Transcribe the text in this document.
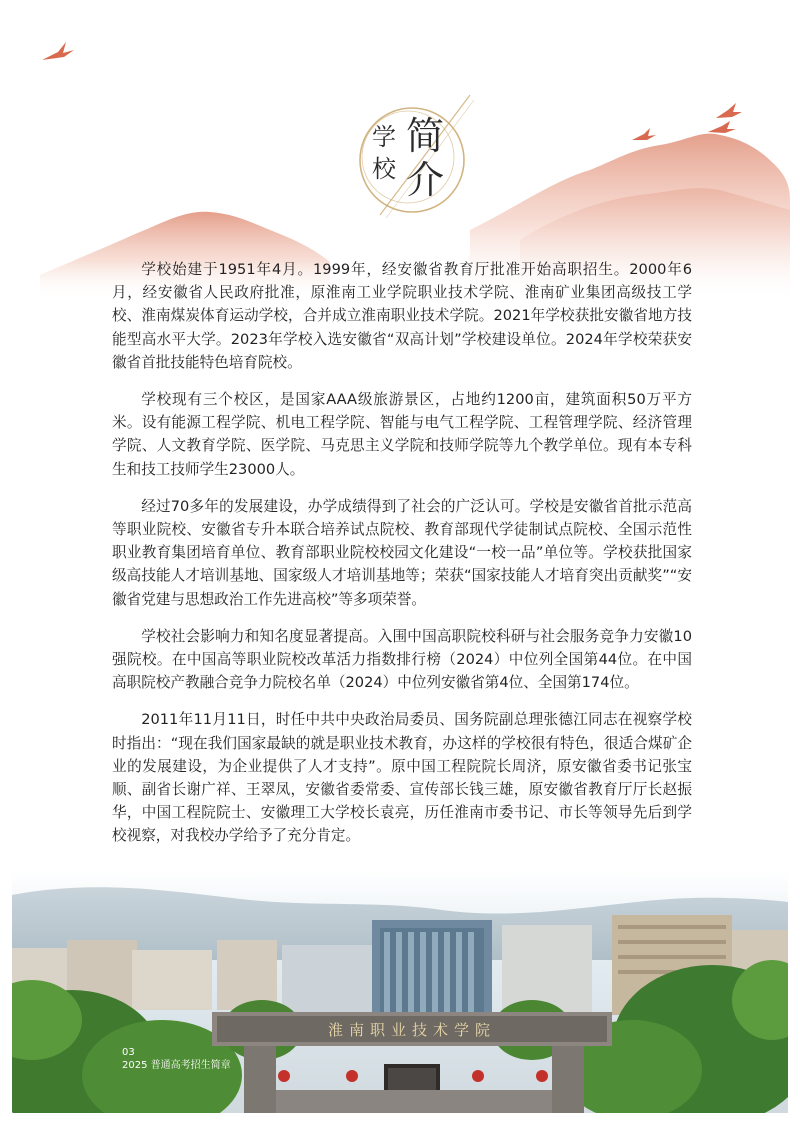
学
校
简
介

学校始建于1951年4月。1999年，经安徽省教育厅批准开始高职招生。2000年6月，经安徽省人民政府批准，原淮南工业学院职业技术学院、淮南矿业集团高级技工学校、淮南煤炭体育运动学校，合并成立淮南职业技术学院。2021年学校获批安徽省地方技能型高水平大学。2023年学校入选安徽省“双高计划”学校建设单位。2024年学校荣获安徽省首批技能特色培育院校。

学校现有三个校区，是国家AAA级旅游景区，占地约1200亩，建筑面积50万平方米。设有能源工程学院、机电工程学院、智能与电气工程学院、工程管理学院、经济管理学院、人文教育学院、医学院、马克思主义学院和技师学院等九个教学单位。现有本专科生和技工技师学生23000人。

经过70多年的发展建设，办学成绩得到了社会的广泛认可。学校是安徽省首批示范高等职业院校、安徽省专升本联合培养试点院校、教育部现代学徒制试点院校、全国示范性职业教育集团培育单位、教育部职业院校校园文化建设“一校一品”单位等。学校获批国家级高技能人才培训基地、国家级人才培训基地等；荣获“国家技能人才培育突出贡献奖”“安徽省党建与思想政治工作先进高校”等多项荣誉。

学校社会影响力和知名度显著提高。入围中国高职院校科研与社会服务竞争力安徽10强院校。在中国高等职业院校改革活力指数排行榜（2024）中位列全国第44位。在中国高职院校产教融合竞争力院校名单（2024）中位列安徽省第4位、全国第174位。

2011年11月11日，时任中共中央政治局委员、国务院副总理张德江同志在视察学校时指出：“现在我们国家最缺的就是职业技术教育，办这样的学校很有特色，很适合煤矿企业的发展建设，为企业提供了人才支持”。原中国工程院院长周济，原安徽省委书记张宝顺、副省长谢广祥、王翠凤，安徽省委常委、宣传部长钱三雄，原安徽省教育厅厅长赵振华，中国工程院院士、安徽理工大学校长袁亮，历任淮南市委书记、市长等领导先后到学校视察，对我校办学给予了充分肯定。

淮南职业技术学院
03
2025 普通高考招生简章
